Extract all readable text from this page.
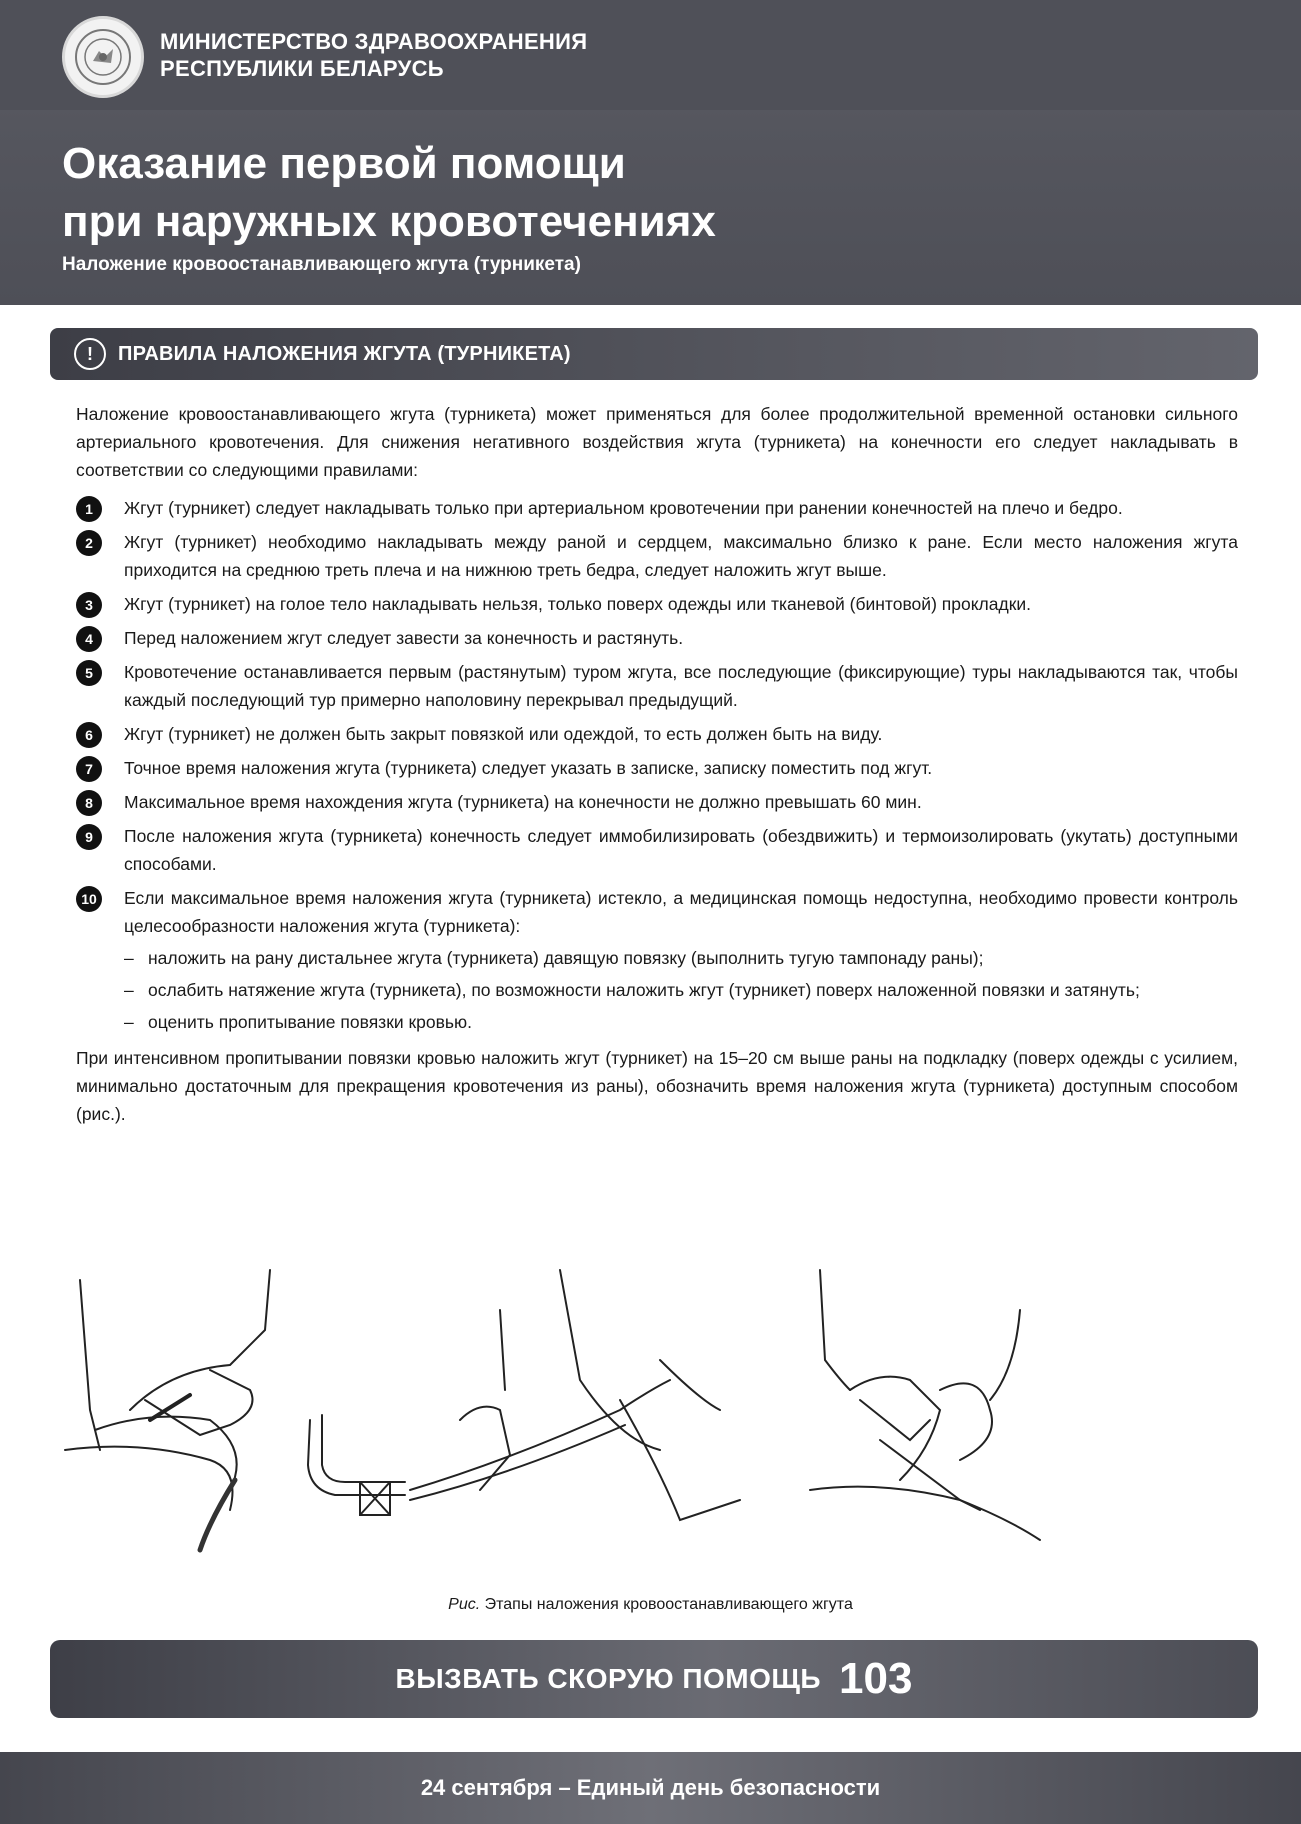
МИНИСТЕРСТВО ЗДРАВООХРАНЕНИЯ
РЕСПУБЛИКИ БЕЛАРУСЬ
Оказание первой помощи
при наружных кровотечениях
Наложение кровоостанавливающего жгута (турникета)
!	ПРАВИЛА НАЛОЖЕНИЯ ЖГУТА (ТУРНИКЕТА)

Наложение кровоостанавливающего жгута (турникета) может применяться для более продолжительной временной остановки сильного артериального кровотечения. Для снижения негативного воздействия жгута (турникета) на конечности его следует накладывать в соответствии со следующими правилами:

1	Жгут (турникет) следует накладывать только при артериальном кровотечении при ранении конечностей на плечо и бедро.
2	Жгут (турникет) необходимо накладывать между раной и сердцем, максимально близко к ране. Если место наложения жгута приходится на среднюю треть плеча и на нижнюю треть бедра, следует наложить жгут выше.
3	Жгут (турникет) на голое тело накладывать нельзя, только поверх одежды или тканевой (бинтовой) прокладки.
4	Перед наложением жгут следует завести за конечность и растянуть.
5	Кровотечение останавливается первым (растянутым) туром жгута, все последующие (фиксирующие) туры накладываются так, чтобы каждый последующий тур примерно наполовину перекрывал предыдущий.
6	Жгут (турникет) не должен быть закрыт повязкой или одеждой, то есть должен быть на виду.
7	Точное время наложения жгута (турникета) следует указать в записке, записку поместить под жгут.
8	Максимальное время нахождения жгута (турникета) на конечности не должно превышать 60 мин.
9	После наложения жгута (турникета) конечность следует иммобилизировать (обездвижить) и термоизолировать (укутать) доступными способами.
10 Если максимальное время наложения жгута (турникета) истекло, а медицинская помощь недоступна, необходимо провести контроль целесообразности наложения жгута (турникета):
– наложить на рану дистальнее жгута (турникета) давящую повязку (выполнить тугую тампонаду раны);
– ослабить натяжение жгута (турникета), по возможности наложить жгут (турникет) поверх наложенной повязки и затянуть;
– оценить пропитывание повязки кровью.

При интенсивном пропитывании повязки кровью наложить жгут (турникет) на 15–20 см выше раны на подкладку (поверх одежды с усилием, минимально достаточным для прекращения кровотечения из раны), обозначить время наложения жгута (турникета) доступным способом (рис.).

Рис. Этапы наложения кровоостанавливающего жгута
ВЫЗВАТЬ СКОРУЮ ПОМОЩЬ 103
24 сентября – Единый день безопасности
